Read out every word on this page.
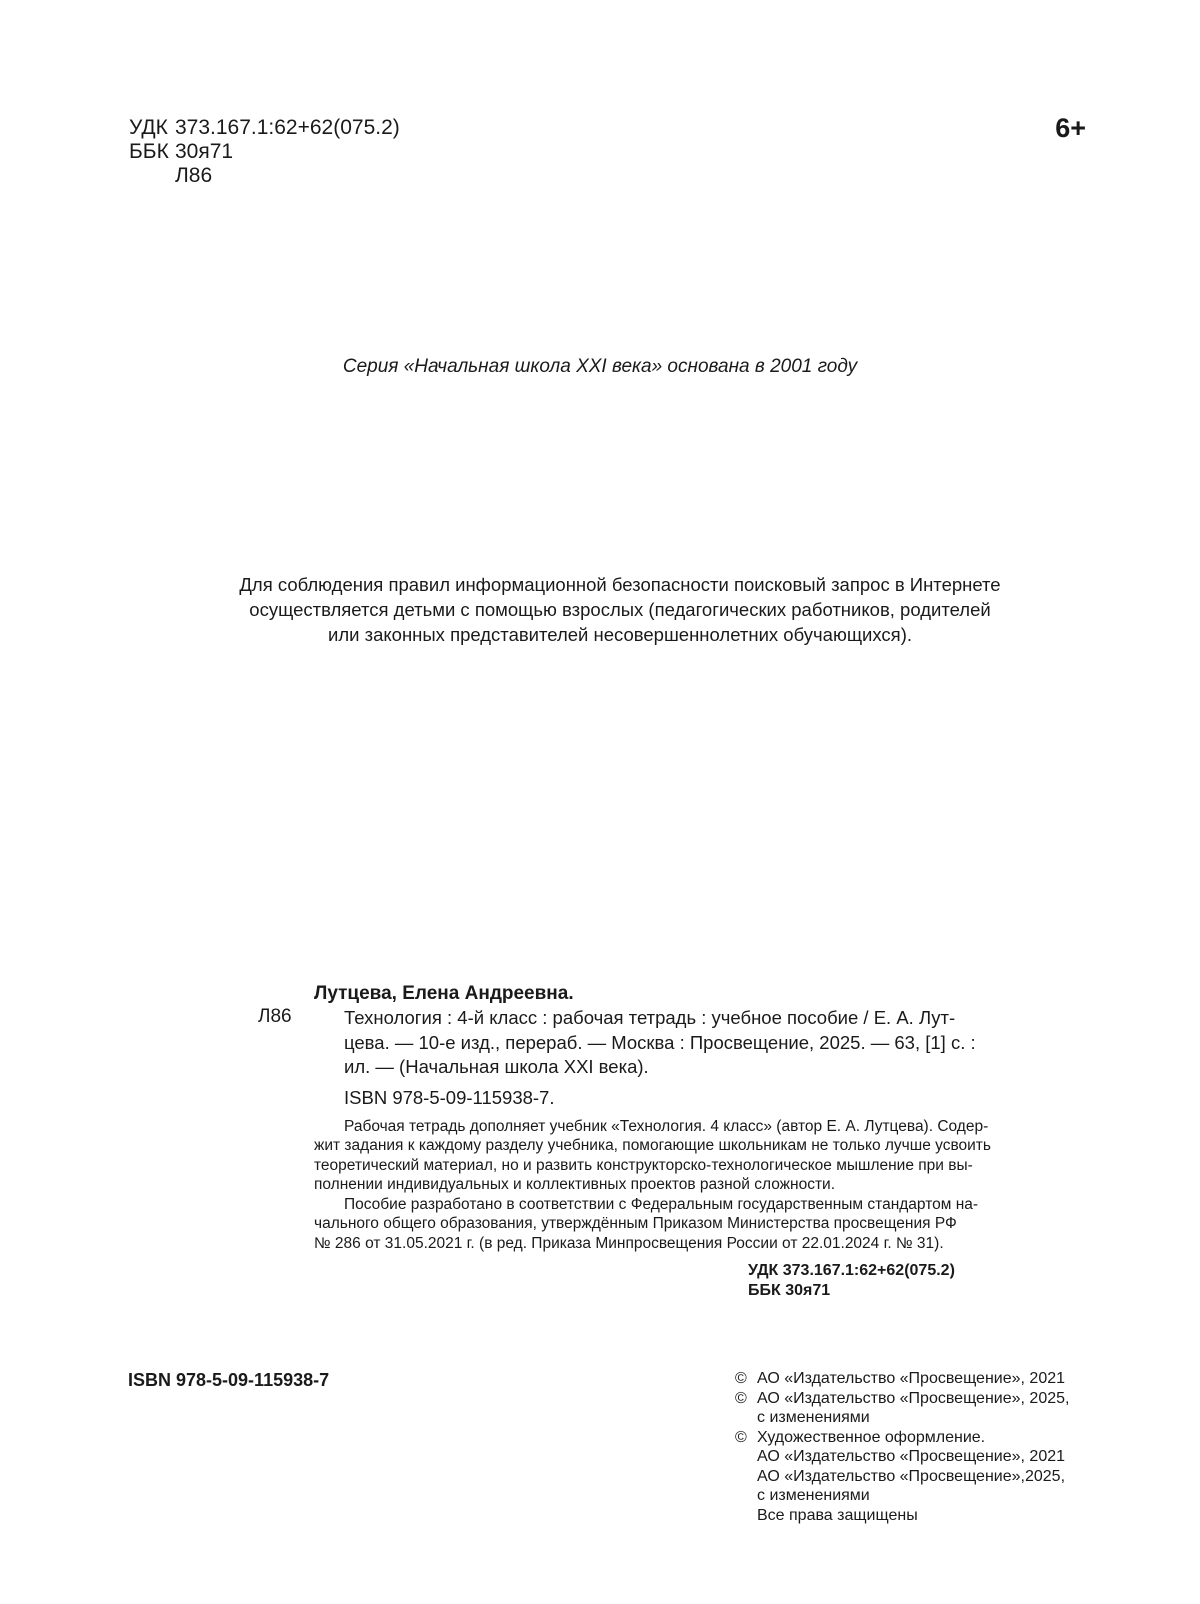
УДК 373.167.1:62+62(075.2)
ББК 30я71
Л86
6+
Серия «Начальная школа XXI века» основана в 2001 году

Для соблюдения правил информационной безопасности поисковый запрос в Интернете

осуществляется детьми с помощью взрослых (педагогических работников, родителей

или законных представителей несовершеннолетних обучающихся).

Л86
Лутцева, Елена Андреевна.

Технология : 4-й класс : рабочая тетрадь : учебное пособие / Е. А. Лут-

цева. — 10-е изд., перераб. — Москва : Просвещение, 2025. — 63, [1] с. :

ил. — (Начальная школа XXI века).

ISBN 978-5-09-115938-7.

Рабочая тетрадь дополняет учебник «Технология. 4 класс» (автор Е. А. Лутцева). Содер-

жит задания к каждому разделу учебника, помогающие школьникам не только лучше усвоить
теоретический материал, но и развить конструкторско-технологическое мышление при вы-
полнении индивидуальных и коллективных проектов разной сложности.

Пособие разработано в соответствии с Федеральным государственным стандартом на-

чального общего образования, утверждённым Приказом Министерства просвещения РФ
№ 286 от 31.05.2021 г. (в ред. Приказа Минпросвещения России от 22.01.2024 г. № 31).
УДК 373.167.1:62+62(075.2)
ББК 30я71
ISBN 978-5-09-115938-7	© АО «Издательство «Просвещение», 2021
© АО «Издательство «Просвещение», 2025,
с изменениями
© Художественное оформление.
АО «Издательство «Просвещение», 2021
АО «Издательство «Просвещение»,2025,
с изменениями
Все права защищены
